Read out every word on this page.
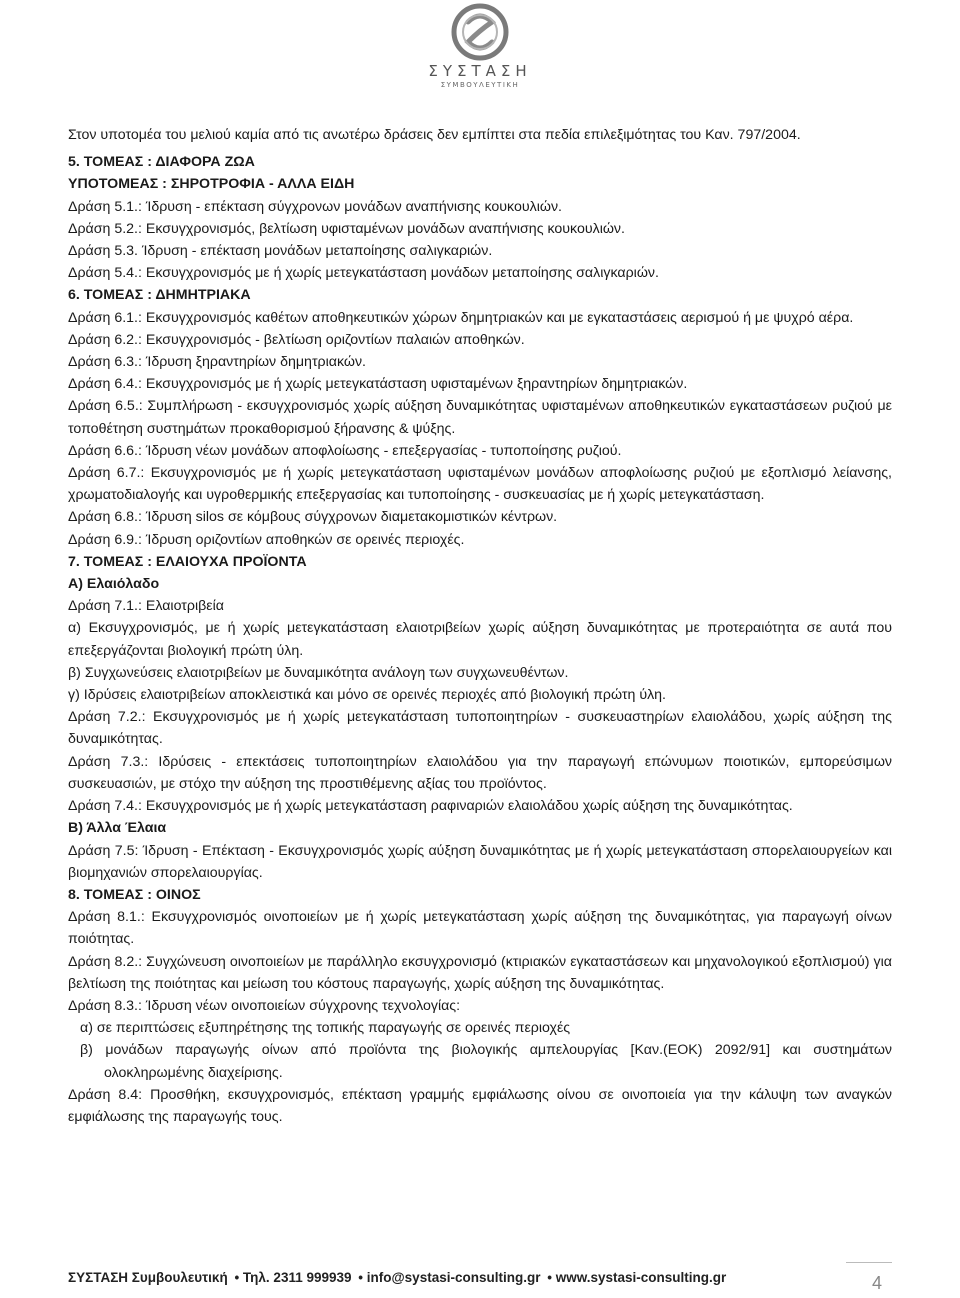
ΣΥΣΤΑΣΗ
ΣΥΜΒΟΥΛΕΥΤΙΚΗ

Στον υποτομέα του μελιού καμία από τις ανωτέρω δράσεις δεν εμπίπτει στα πεδία επιλεξιμότητας του Καν. 797/2004.

5. ΤΟΜΕΑΣ : ΔΙΑΦΟΡΑ ΖΩΑ

ΥΠΟΤΟΜΕΑΣ : ΣΗΡΟΤΡΟΦΙΑ - ΑΛΛΑ ΕΙΔΗ

Δράση 5.1.: Ίδρυση - επέκταση σύγχρονων μονάδων αναπήνισης κουκουλιών.

Δράση 5.2.: Εκσυγχρονισμός, βελτίωση υφισταμένων μονάδων αναπήνισης κουκουλιών.

Δράση 5.3. Ίδρυση - επέκταση μονάδων μεταποίησης σαλιγκαριών.

Δράση 5.4.: Εκσυγχρονισμός με ή χωρίς μετεγκατάσταση μονάδων μεταποίησης σαλιγκαριών.

6. ΤΟΜΕΑΣ : ΔΗΜΗΤΡΙΑΚΑ

Δράση 6.1.: Εκσυγχρονισμός καθέτων αποθηκευτικών χώρων δημητριακών και με εγκαταστάσεις αερισμού ή με ψυχρό αέρα.

Δράση 6.2.: Εκσυγχρονισμός - βελτίωση οριζοντίων παλαιών αποθηκών.

Δράση 6.3.: Ίδρυση ξηραντηρίων δημητριακών.

Δράση 6.4.: Εκσυγχρονισμός με ή χωρίς μετεγκατάσταση υφισταμένων ξηραντηρίων δημητριακών.

Δράση 6.5.: Συμπλήρωση - εκσυγχρονισμός χωρίς αύξηση δυναμικότητας υφισταμένων αποθηκευτικών εγκαταστάσεων ρυζιού με τοποθέτηση συστημάτων προκαθορισμού ξήρανσης & ψύξης.

Δράση 6.6.: Ίδρυση νέων μονάδων αποφλοίωσης - επεξεργασίας - τυποποίησης ρυζιού.

Δράση 6.7.: Εκσυγχρονισμός με ή χωρίς μετεγκατάσταση υφισταμένων μονάδων αποφλοίωσης ρυζιού με εξοπλισμό λείανσης, χρωματοδιαλογής και υγροθερμικής επεξεργασίας και τυποποίησης - συσκευασίας με ή χωρίς μετεγκατάσταση.

Δράση 6.8.: Ίδρυση silos σε κόμβους σύγχρονων διαμετακομιστικών κέντρων.

Δράση 6.9.: Ίδρυση οριζοντίων αποθηκών σε ορεινές περιοχές.

7. ΤΟΜΕΑΣ : ΕΛΑΙΟΥΧΑ ΠΡΟΪΟΝΤΑ

Α) Ελαιόλαδο

Δράση 7.1.: Ελαιοτριβεία

α) Εκσυγχρονισμός, με ή χωρίς μετεγκατάσταση ελαιοτριβείων χωρίς αύξηση δυναμικότητας με προτεραιότητα σε αυτά που επεξεργάζονται βιολογική πρώτη ύλη.

β) Συγχωνεύσεις ελαιοτριβείων με δυναμικότητα ανάλογη των συγχωνευθέντων.

γ) Ιδρύσεις ελαιοτριβείων αποκλειστικά και μόνο σε ορεινές περιοχές από βιολογική πρώτη ύλη.

Δράση 7.2.: Εκσυγχρονισμός με ή χωρίς μετεγκατάσταση τυποποιητηρίων - συσκευαστηρίων ελαιολάδου, χωρίς αύξηση της δυναμικότητας.

Δράση 7.3.: Ιδρύσεις - επεκτάσεις τυποποιητηρίων ελαιολάδου για την παραγωγή επώνυμων ποιοτικών, εμπορεύσιμων συσκευασιών, με στόχο την αύξηση της προστιθέμενης αξίας του προϊόντος.

Δράση 7.4.: Εκσυγχρονισμός με ή χωρίς μετεγκατάσταση ραφιναριών ελαιολάδου χωρίς αύξηση της δυναμικότητας.

Β) Άλλα Έλαια

Δράση 7.5: Ίδρυση - Επέκταση - Εκσυγχρονισμός χωρίς αύξηση δυναμικότητας με ή χωρίς μετεγκατάσταση σπορελαιουργείων και βιομηχανιών σπορελαιουργίας.

8. ΤΟΜΕΑΣ : ΟΙΝΟΣ

Δράση 8.1.: Εκσυγχρονισμός οινοποιείων με ή χωρίς μετεγκατάσταση χωρίς αύξηση της δυναμικότητας, για παραγωγή οίνων ποιότητας.

Δράση 8.2.: Συγχώνευση οινοποιείων με παράλληλο εκσυγχρονισμό (κτιριακών εγκαταστάσεων και μηχανολογικού εξοπλισμού) για βελτίωση της ποιότητας και μείωση του κόστους παραγωγής, χωρίς αύξηση της δυναμικότητας.

Δράση 8.3.: Ίδρυση νέων οινοποιείων σύγχρονης τεχνολογίας:

α) σε περιπτώσεις εξυπηρέτησης της τοπικής παραγωγής σε ορεινές περιοχές

β) μονάδων παραγωγής οίνων από προϊόντα της βιολογικής αμπελουργίας [Καν.(ΕΟΚ) 2092/91] και συστημάτων ολοκληρωμένης διαχείρισης.

Δράση 8.4: Προσθήκη, εκσυγχρονισμός, επέκταση γραμμής εμφιάλωσης οίνου σε οινοποιεία για την κάλυψη των αναγκών εμφιάλωσης της παραγωγής τους.

ΣΥΣΤΑΣΗ Συμβουλευτική • Τηλ. 2311 999939 • info@systasi-consulting.gr • www.systasi-consulting.gr	4
